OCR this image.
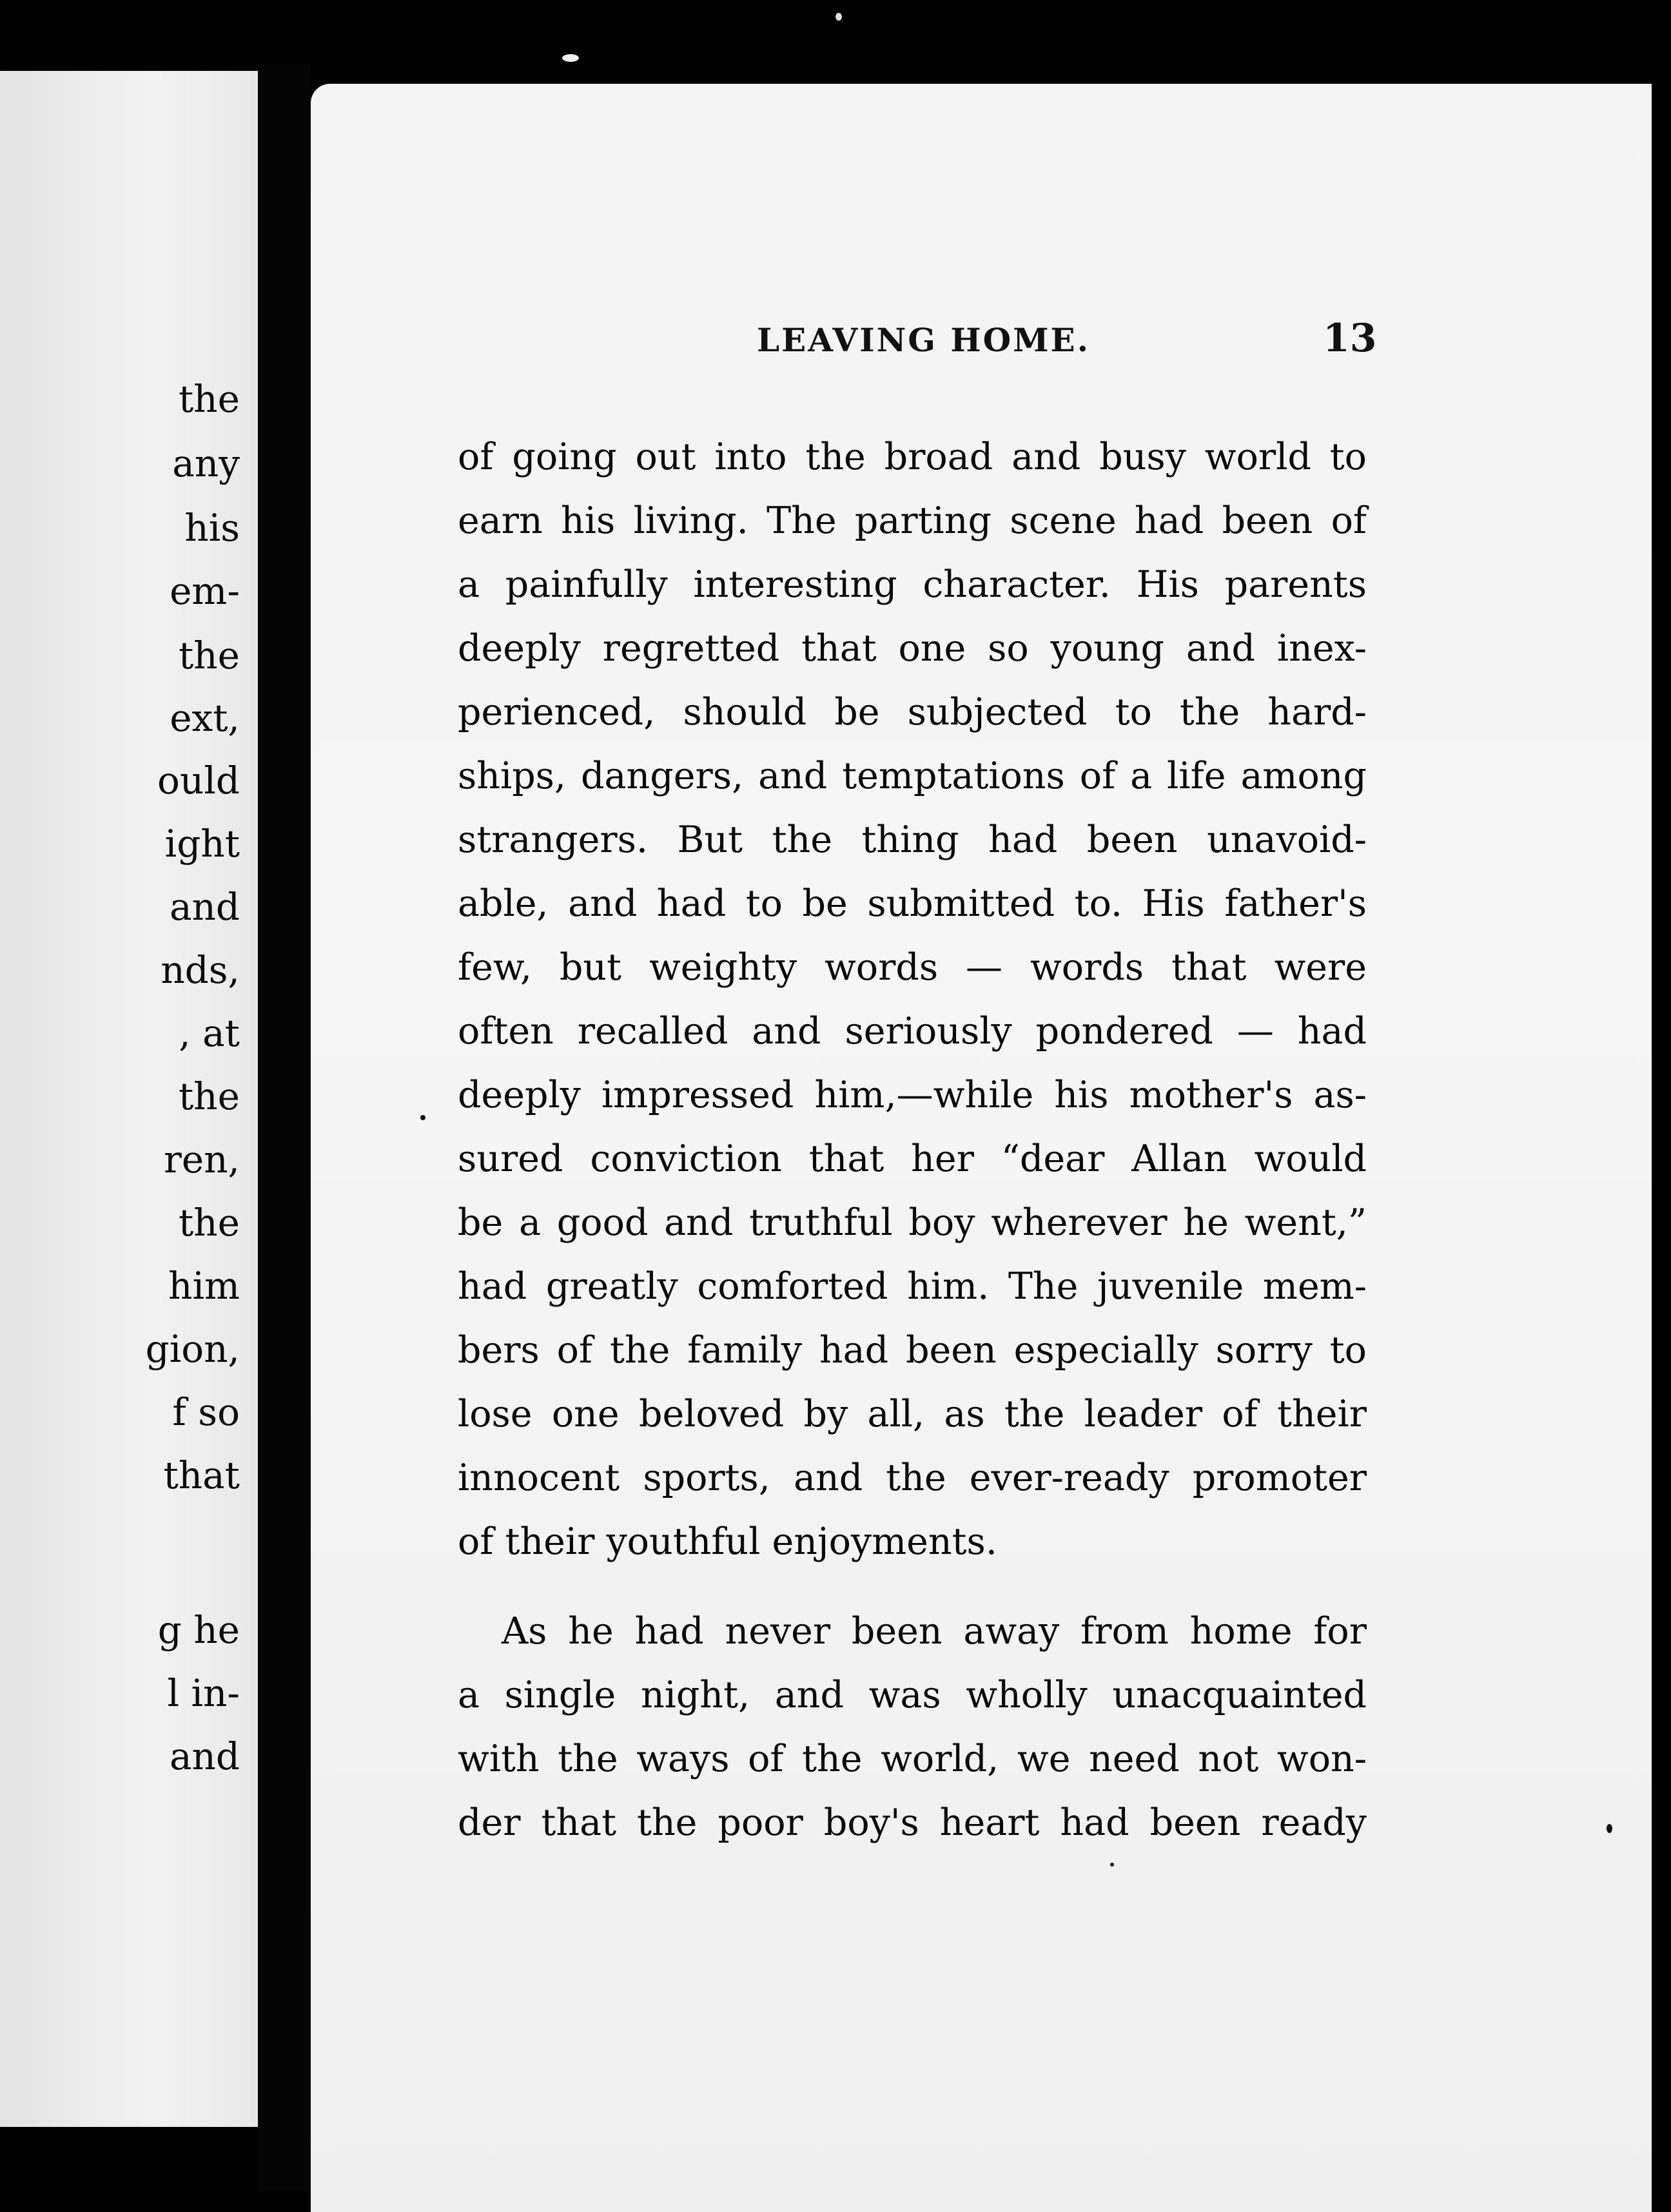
the
any
his
em-
the
ext,
ould
ight
and
nds,
, at
the
ren,
the
him
gion,
f so
that
g he
l in-
and
LEAVING HOME.	13
of going out into the broad and busy world to
earn his living. The parting scene had been of
a painfully interesting character. His parents
deeply regretted that one so young and inex-
perienced, should be subjected to the hard-
ships, dangers, and temptations of a life among
strangers. But the thing had been unavoid-
able, and had to be submitted to. His father's
few, but weighty words — words that were
often recalled and seriously pondered — had
deeply impressed him,—while his mother's as-
sured conviction that her “dear Allan would
be a good and truthful boy wherever he went,”
had greatly comforted him. The juvenile mem-
bers of the family had been especially sorry to
lose one beloved by all, as the leader of their
innocent sports, and the ever-ready promoter
of their youthful enjoyments.
As he had never been away from home for
a single night, and was wholly unacquainted
with the ways of the world, we need not won-
der that the poor boy's heart had been ready
